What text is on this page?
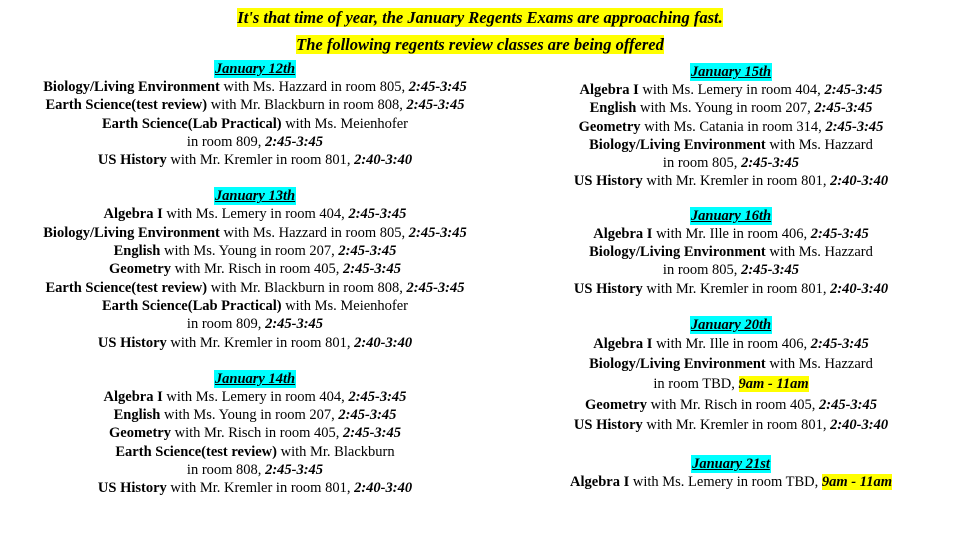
It's that time of year, the January Regents Exams are approaching fast.
The following regents review classes are being offered
January 12th
Biology/Living Environment with Ms. Hazzard in room 805, 2:45-3:45
Earth Science(test review) with Mr. Blackburn in room 808, 2:45-3:45
Earth Science(Lab Practical) with Ms. Meienhofer
in room 809, 2:45-3:45
US History with Mr. Kremler in room 801, 2:40-3:40
January 13th
Algebra I with Ms. Lemery in room 404, 2:45-3:45
Biology/Living Environment with Ms. Hazzard in room 805, 2:45-3:45
English with Ms. Young in room 207, 2:45-3:45
Geometry with Mr. Risch in room 405, 2:45-3:45
Earth Science(test review) with Mr. Blackburn in room 808, 2:45-3:45
Earth Science(Lab Practical) with Ms. Meienhofer
in room 809, 2:45-3:45
US History with Mr. Kremler in room 801, 2:40-3:40
January 14th
Algebra I with Ms. Lemery in room 404, 2:45-3:45
English with Ms. Young in room 207, 2:45-3:45
Geometry with Mr. Risch in room 405, 2:45-3:45
Earth Science(test review) with Mr. Blackburn
in room 808, 2:45-3:45
US History with Mr. Kremler in room 801, 2:40-3:40
January 15th
Algebra I with Ms. Lemery in room 404, 2:45-3:45
English with Ms. Young in room 207, 2:45-3:45
Geometry with Ms. Catania in room 314, 2:45-3:45
Biology/Living Environment with Ms. Hazzard
in room 805, 2:45-3:45
US History with Mr. Kremler in room 801, 2:40-3:40
January 16th
Algebra I with Mr. Ille in room 406, 2:45-3:45
Biology/Living Environment with Ms. Hazzard
in room 805, 2:45-3:45
US History with Mr. Kremler in room 801, 2:40-3:40
January 20th
Algebra I with Mr. Ille in room 406, 2:45-3:45
Biology/Living Environment with Ms. Hazzard
in room TBD, 9am - 11am
Geometry with Mr. Risch in room 405, 2:45-3:45
US History with Mr. Kremler in room 801, 2:40-3:40
January 21st
Algebra I with Ms. Lemery in room TBD, 9am - 11am
